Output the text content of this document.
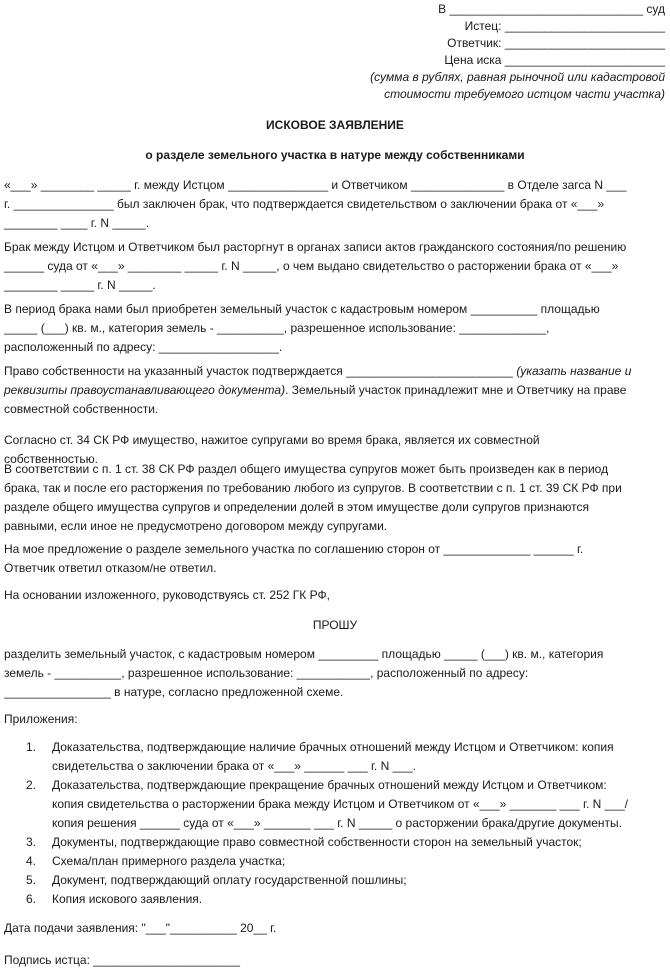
В _____________________________ суд
Истец: ________________________
Ответчик: ________________________
Цена иска ________________________
(сумма в рублях, равная рыночной или кадастровой
стоимости требуемого истцом части участка)
ИСКОВОЕ ЗАЯВЛЕНИЕ
о разделе земельного участка в натуре между собственниками
«___» ________ _____ г. между Истцом _______________ и Ответчиком ______________ в Отделе загса N ___ г. _______________ был заключен брак, что подтверждается свидетельством о заключении брака от «___» ________ ____ г. N _____.
Брак между Истцом и Ответчиком был расторгнут в органах записи актов гражданского состояния/по решению ______ суда от «___» ________ _____ г. N _____, о чем выдано свидетельство о расторжении брака от «___» ________ _____ г. N _____.
В период брака нами был приобретен земельный участок с кадастровым номером __________ площадью _____ (___) кв. м., категория земель - __________, разрешенное использование: _____________, расположенный по адресу: __________________.
Право собственности на указанный участок подтверждается _________________________ (указать название и реквизиты правоустанавливающего документа). Земельный участок принадлежит мне и Ответчику на праве совместной собственности.
Согласно ст. 34 СК РФ имущество, нажитое супругами во время брака, является их совместной собственностью.
В соответствии с п. 1 ст. 38 СК РФ раздел общего имущества супругов может быть произведен как в период брака, так и после его расторжения по требованию любого из супругов. В соответствии с п. 1 ст. 39 СК РФ при разделе общего имущества супругов и определении долей в этом имуществе доли супругов признаются равными, если иное не предусмотрено договором между супругами.
На мое предложение о разделе земельного участка по соглашению сторон от _____________ ______ г. Ответчик ответил отказом/не ответил.
На основании изложенного, руководствуясь ст. 252 ГК РФ,
ПРОШУ
разделить земельный участок, с кадастровым номером _________ площадью _____ (___) кв. м., категория земель - __________, разрешенное использование: ___________, расположенный по адресу: ________________ в натуре, согласно предложенной схеме.
Приложения:
1. Доказательства, подтверждающие наличие брачных отношений между Истцом и Ответчиком: копия свидетельства о заключении брака от «___» ______ ___ г. N ___.
2. Доказательства, подтверждающие прекращение брачных отношений между Истцом и Ответчиком: копия свидетельства о расторжении брака между Истцом и Ответчиком от «___» _______ ___ г. N ___/копия решения ______ суда от «___» _______ ___ г. N _____ о расторжении брака/другие документы.
3. Документы, подтверждающие право совместной собственности сторон на земельный участок;
4. Схема/план примерного раздела участка;
5. Документ, подтверждающий оплату государственной пошлины;
6. Копия искового заявления.
Дата подачи заявления: "___"__________ 20__ г.
Подпись истца: ______________________
